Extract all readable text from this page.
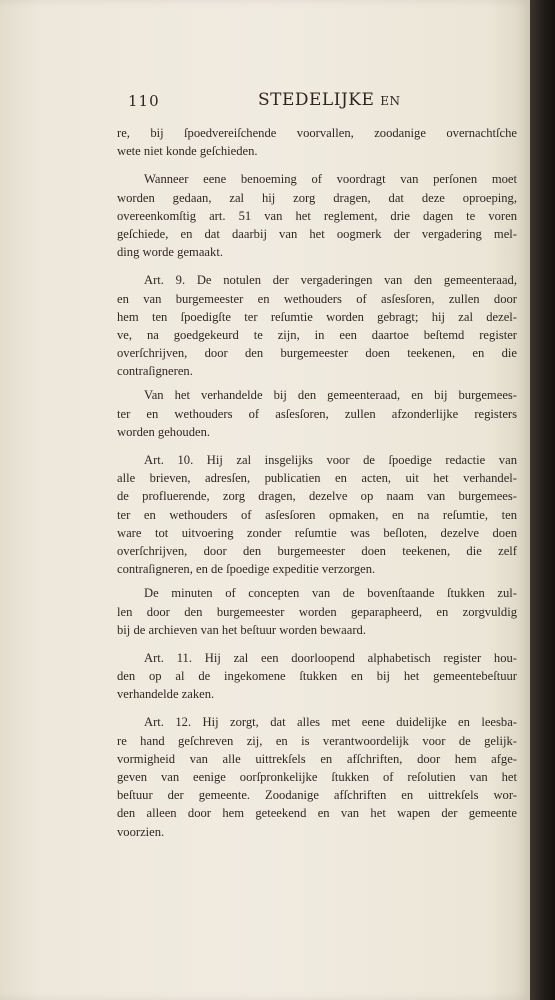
110	STEDELIJKE EN
re, bij ſpoedvereiſchende voorvallen, zoodanige overnachtſche
wete niet konde geſchieden.
Wanneer eene benoeming of voordragt van perſonen moet
worden gedaan, zal hij zorg dragen, dat deze oproeping,
overeenkomſtig art. 51 van het reglement, drie dagen te voren
geſchiede, en dat daarbij van het oogmerk der vergadering mel-
ding worde gemaakt.
Art. 9. De notulen der vergaderingen van den gemeenteraad,
en van burgemeester en wethouders of asſesſoren, zullen door
hem ten ſpoedigſte ter reſumtie worden gebragt; hij zal dezel-
ve, na goedgekeurd te zijn, in een daartoe beſtemd register
overſchrijven, door den burgemeester doen teekenen, en die
contraſigneren.
Van het verhandelde bij den gemeenteraad, en bij burgemees-
ter en wethouders of asſesſoren, zullen afzonderlijke registers
worden gehouden.
Art. 10. Hij zal insgelijks voor de ſpoedige redactie van
alle brieven, adresſen, publicatien en acten, uit het verhandel-
de profluerende, zorg dragen, dezelve op naam van burgemees-
ter en wethouders of asſesſoren opmaken, en na reſumtie, ten
ware tot uitvoering zonder reſumtie was beſloten, dezelve doen
overſchrijven, door den burgemeester doen teekenen, die zelf
contraſigneren, en de ſpoedige expeditie verzorgen.
De minuten of concepten van de bovenſtaande ſtukken zul-
len door den burgemeester worden geparapheerd, en zorgvuldig
bij de archieven van het beſtuur worden bewaard.
Art. 11. Hij zal een doorloopend alphabetisch register hou-
den op al de ingekomene ſtukken en bij het gemeentebeſtuur
verhandelde zaken.
Art. 12. Hij zorgt, dat alles met eene duidelijke en leesba-
re hand geſchreven zij, en is verantwoordelijk voor de gelijk-
vormigheid van alle uittrekſels en afſchriften, door hem afge-
geven van eenige oorſpronkelijke ſtukken of reſolutien van het
beſtuur der gemeente. Zoodanige afſchriften en uittrekſels wor-
den alleen door hem geteekend en van het wapen der gemeente
voorzien.
